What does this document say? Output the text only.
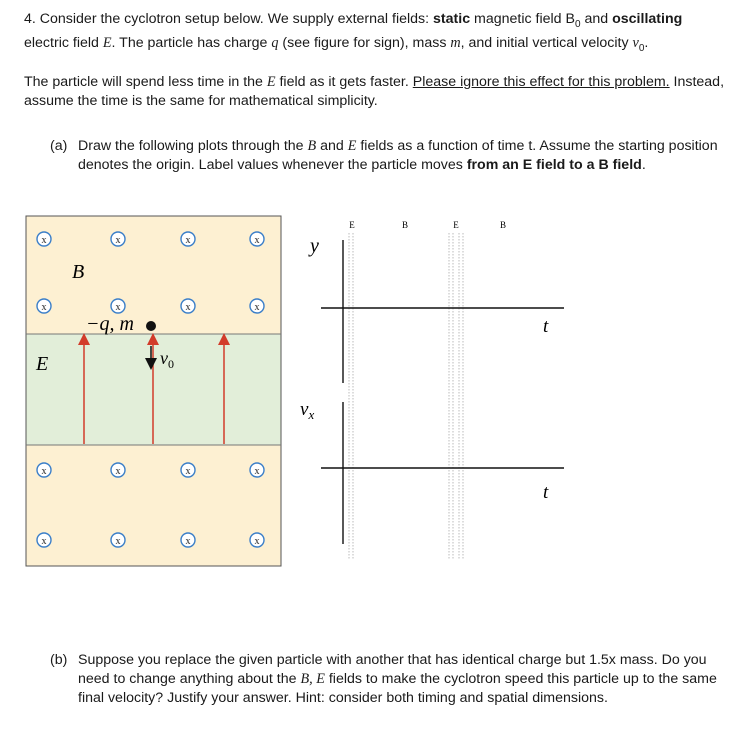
4. Consider the cyclotron setup below. We supply external fields: static magnetic field $B_0$ and oscillating electric field E. The particle has charge q (see figure for sign), mass m, and initial vertical velocity $v_0$.
The particle will spend less time in the E field as it gets faster. Please ignore this effect for this problem. Instead, assume the time is the same for mathematical simplicity.
(a) Draw the following plots through the B and E fields as a function of time t. Assume the starting position denotes the origin. Label values whenever the particle moves from an E field to a B field.
(b) Suppose you replace the given particle with another that has identical charge but 1.5x mass. Do you need to change anything about the B, E fields to make the cyclotron speed this particle up to the same final velocity? Justify your answer. Hint: consider both timing and spatial dimensions.
x	x	x	x
x	x	x	x
x	x	x	x
x	x	x	x
B
E
−q, m
$v_0$
E	B	E	B
y
t
$v_x$
t
